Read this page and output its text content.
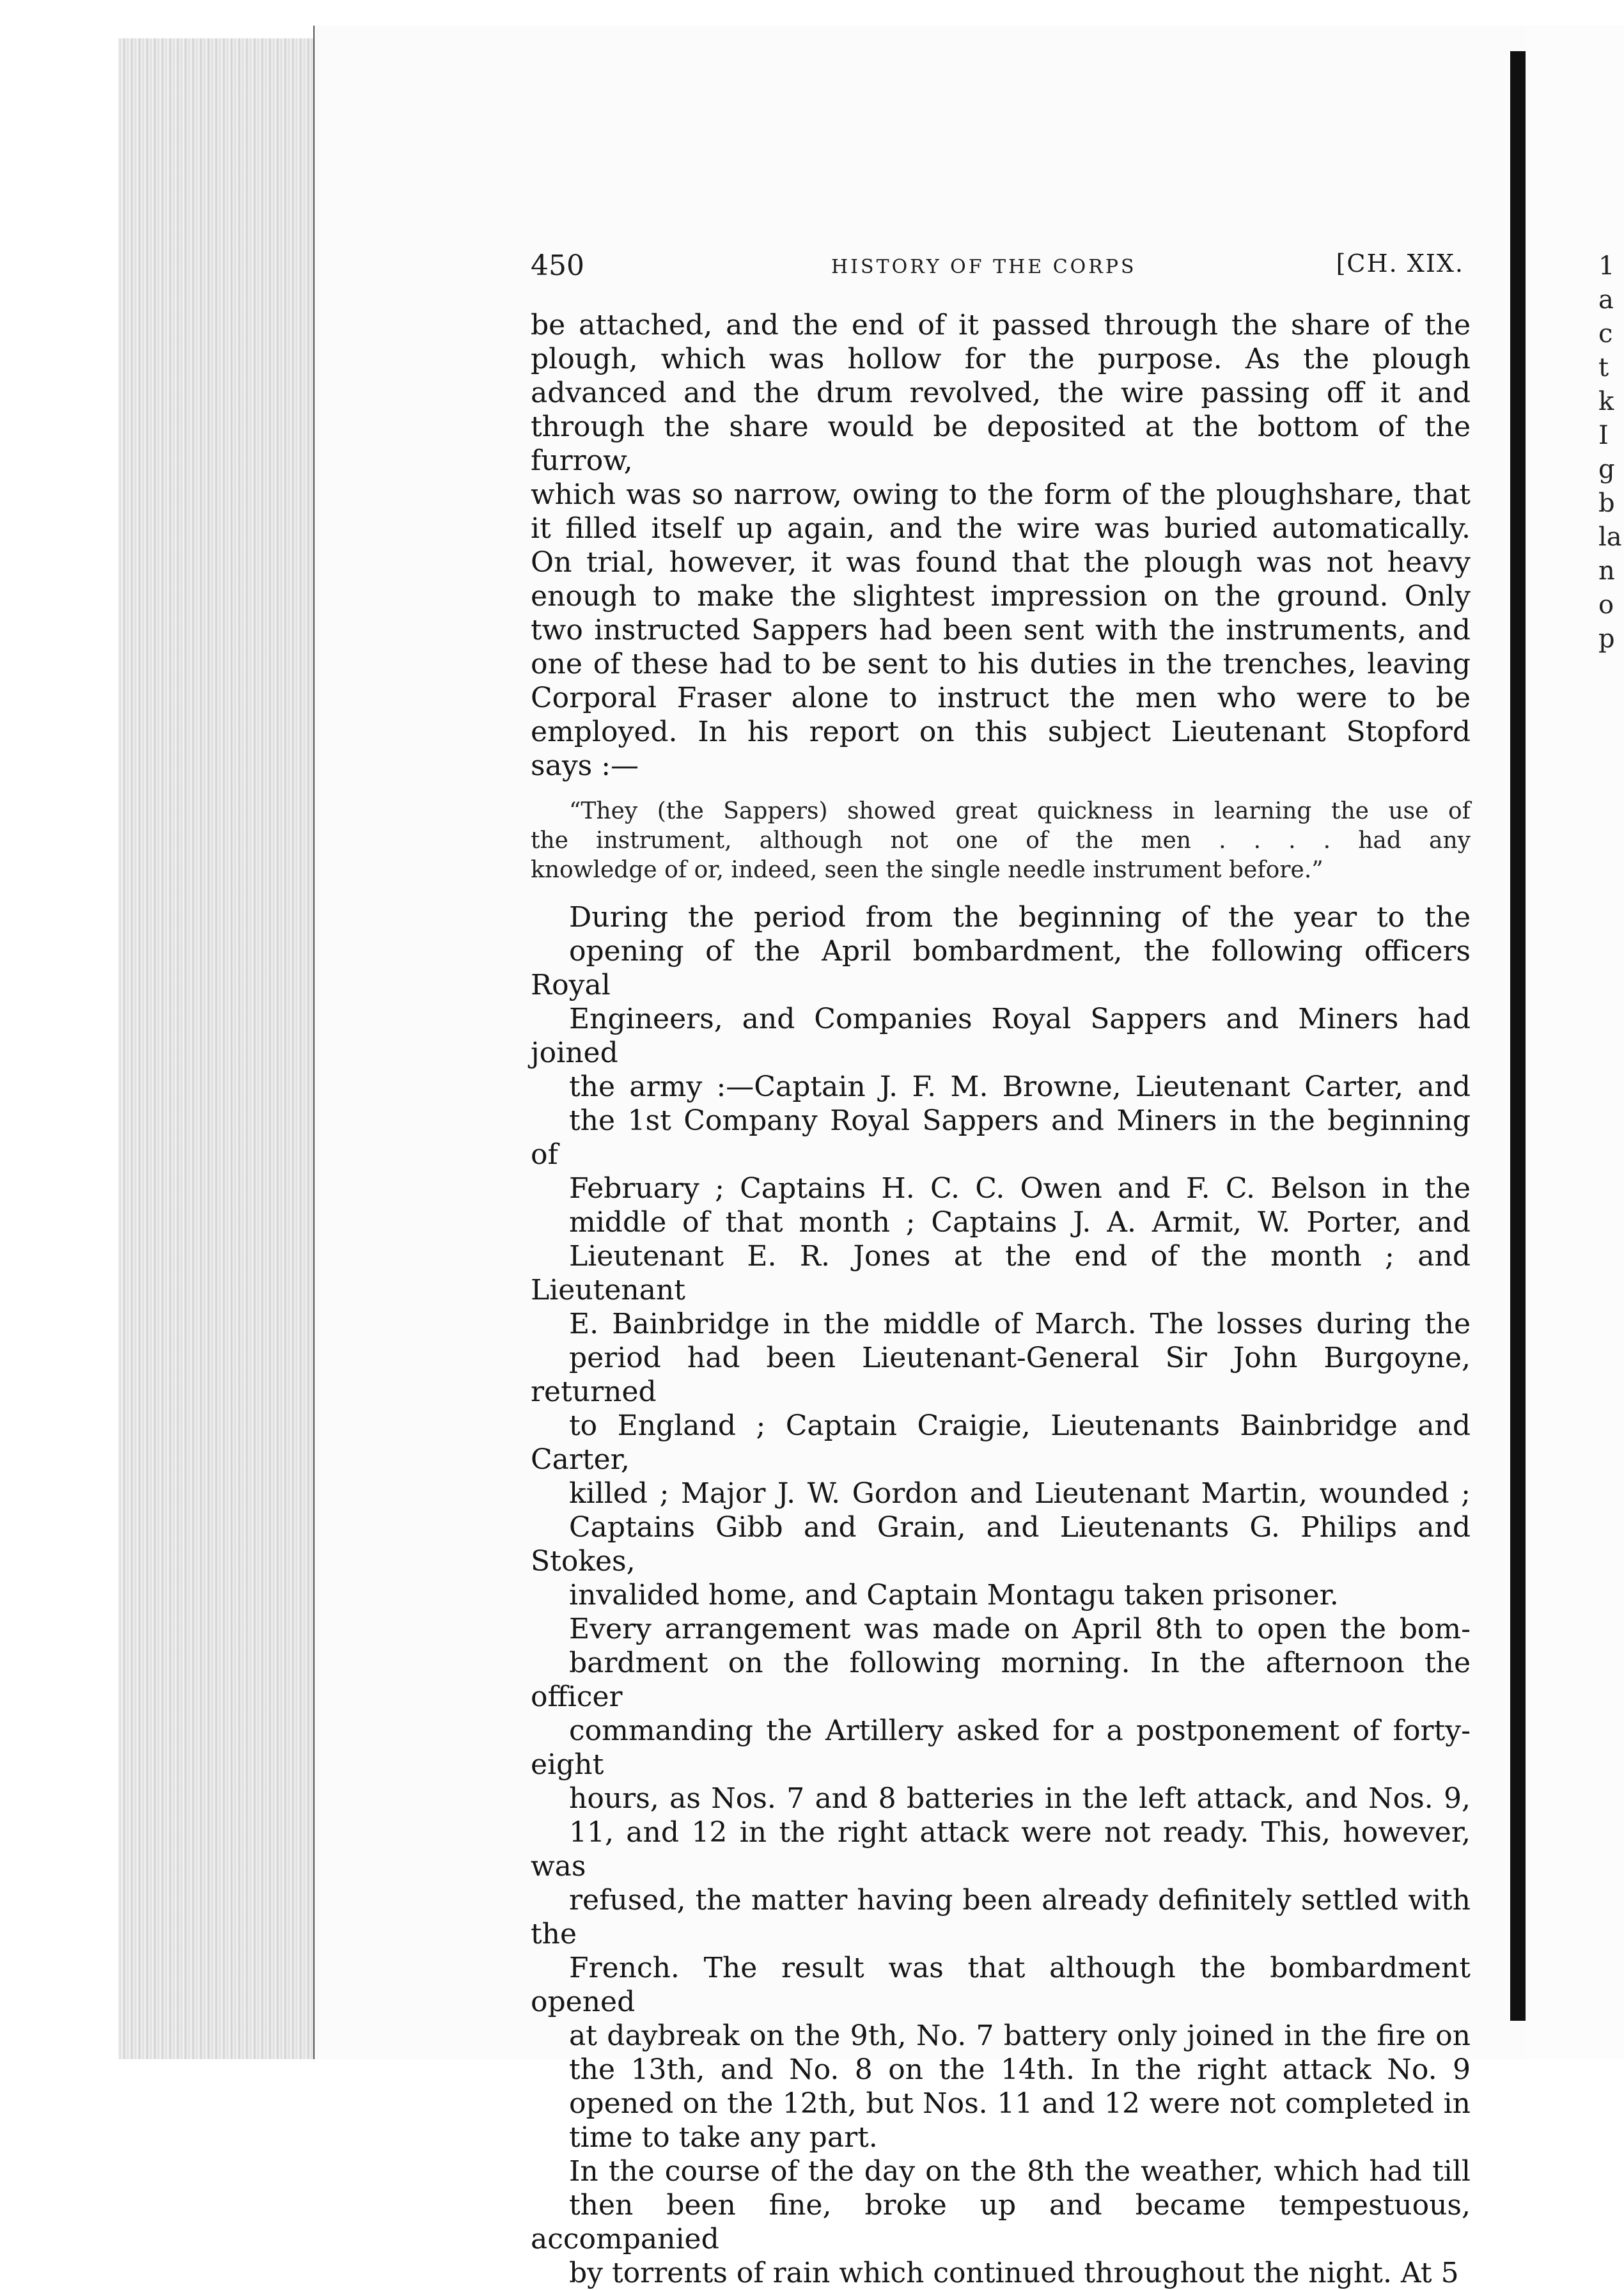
450	HISTORY OF THE CORPS	[CH. XIX.

be attached, and the end of it passed through the share of the
plough, which was hollow for the purpose. As the plough
advanced and the drum revolved, the wire passing off it and
through the share would be deposited at the bottom of the furrow,
which was so narrow, owing to the form of the ploughshare, that
it filled itself up again, and the wire was buried automatically.
On trial, however, it was found that the plough was not heavy
enough to make the slightest impression on the ground. Only
two instructed Sappers had been sent with the instruments, and
one of these had to be sent to his duties in the trenches, leaving
Corporal Fraser alone to instruct the men who were to be
employed. In his report on this subject Lieutenant Stopford
says :—

“They (the Sappers) showed great quickness in learning the use of
the instrument, although not one of the men . . . . had any
knowledge of or, indeed, seen the single needle instrument before.”

During the period from the beginning of the year to the
opening of the April bombardment, the following officers Royal
Engineers, and Companies Royal Sappers and Miners had joined
the army :—Captain J. F. M. Browne, Lieutenant Carter, and
the 1st Company Royal Sappers and Miners in the beginning of
February ; Captains H. C. C. Owen and F. C. Belson in the
middle of that month ; Captains J. A. Armit, W. Porter, and
Lieutenant E. R. Jones at the end of the month ; and Lieutenant
E. Bainbridge in the middle of March. The losses during the
period had been Lieutenant-General Sir John Burgoyne, returned
to England ; Captain Craigie, Lieutenants Bainbridge and Carter,
killed ; Major J. W. Gordon and Lieutenant Martin, wounded ;
Captains Gibb and Grain, and Lieutenants G. Philips and Stokes,
invalided home, and Captain Montagu taken prisoner.

Every arrangement was made on April 8th to open the bom-
bardment on the following morning. In the afternoon the officer
commanding the Artillery asked for a postponement of forty-eight
hours, as Nos. 7 and 8 batteries in the left attack, and Nos. 9,
11, and 12 in the right attack were not ready. This, however, was
refused, the matter having been already definitely settled with the
French. The result was that although the bombardment opened
at daybreak on the 9th, No. 7 battery only joined in the fire on
the 13th, and No. 8 on the 14th. In the right attack No. 9
opened on the 12th, but Nos. 11 and 12 were not completed in
time to take any part.

In the course of the day on the 8th the weather, which had till
then been fine, broke up and became tempestuous, accompanied
by torrents of rain which continued throughout the night. At 5

1
a
c
t
k
I
g
b
la
n
o
p
